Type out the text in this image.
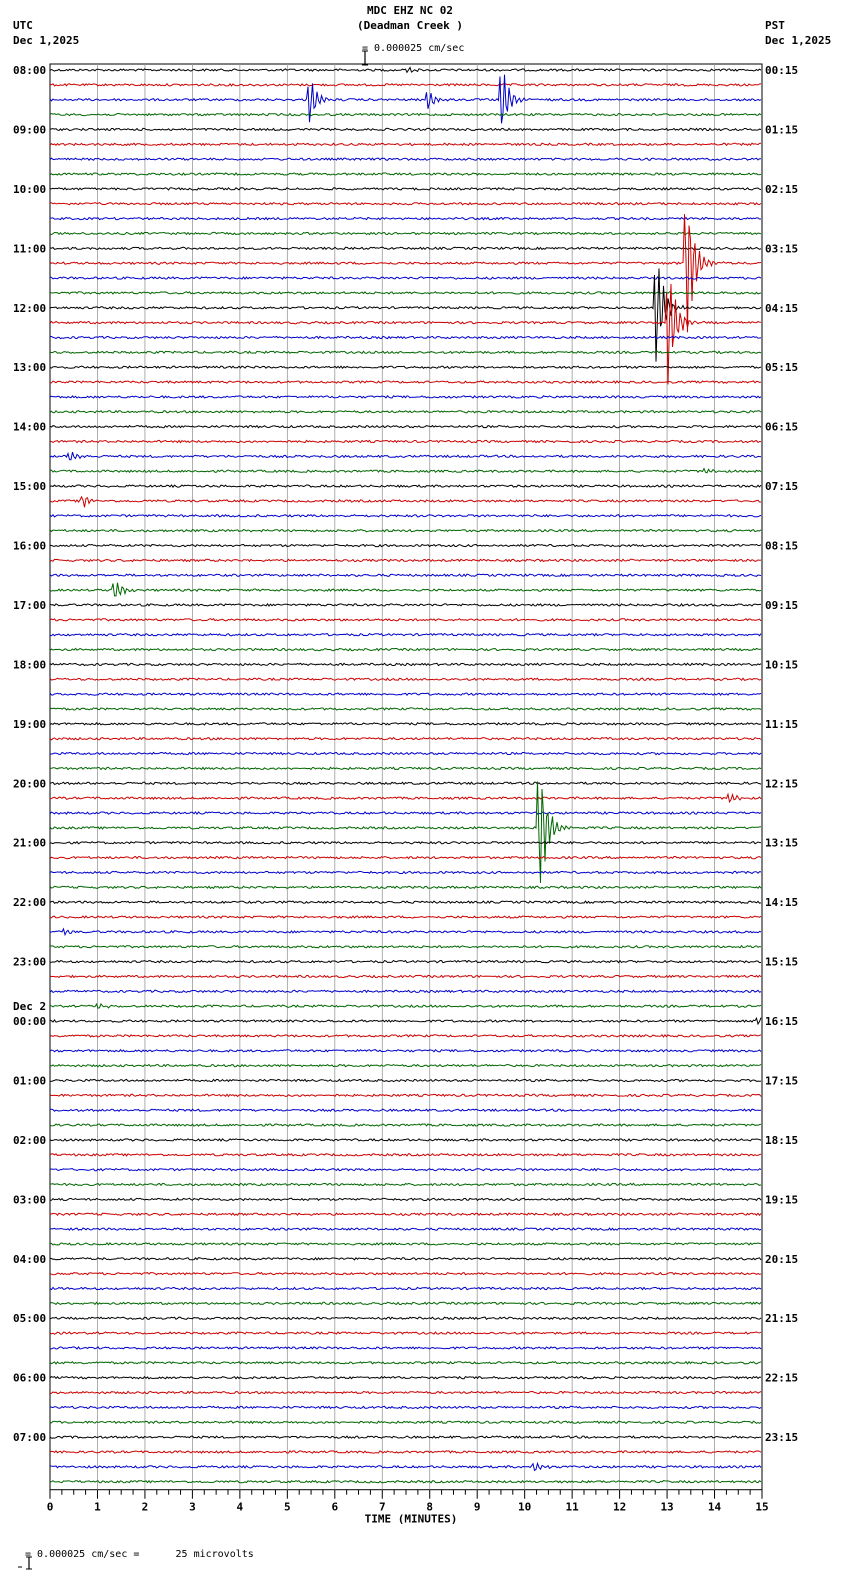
MDC EHZ NC 02
(Deadman Creek )

= 0.000025 cm/sec
UTC
Dec 1,2025
PST
Dec 1,2025
08:00	00:15
09:00	01:15
10:00	02:15
11:00	03:15
12:00	04:15
13:00	05:15
14:00	06:15
15:00	07:15
16:00	08:15
17:00	09:15
18:00	10:15
19:00	11:15
20:00	12:15
21:00	13:15
22:00	14:15
23:00	15:15
00:00	16:15
01:00	17:15
02:00	18:15
03:00	19:15
04:00	20:15
05:00	21:15
06:00	22:15
07:00	23:15
Dec 2
0	1	2	3	4	5	6	7	8	9	10	11	12	13	14	15
TIME (MINUTES)

= 0.000025 cm/sec =      25 microvolts
